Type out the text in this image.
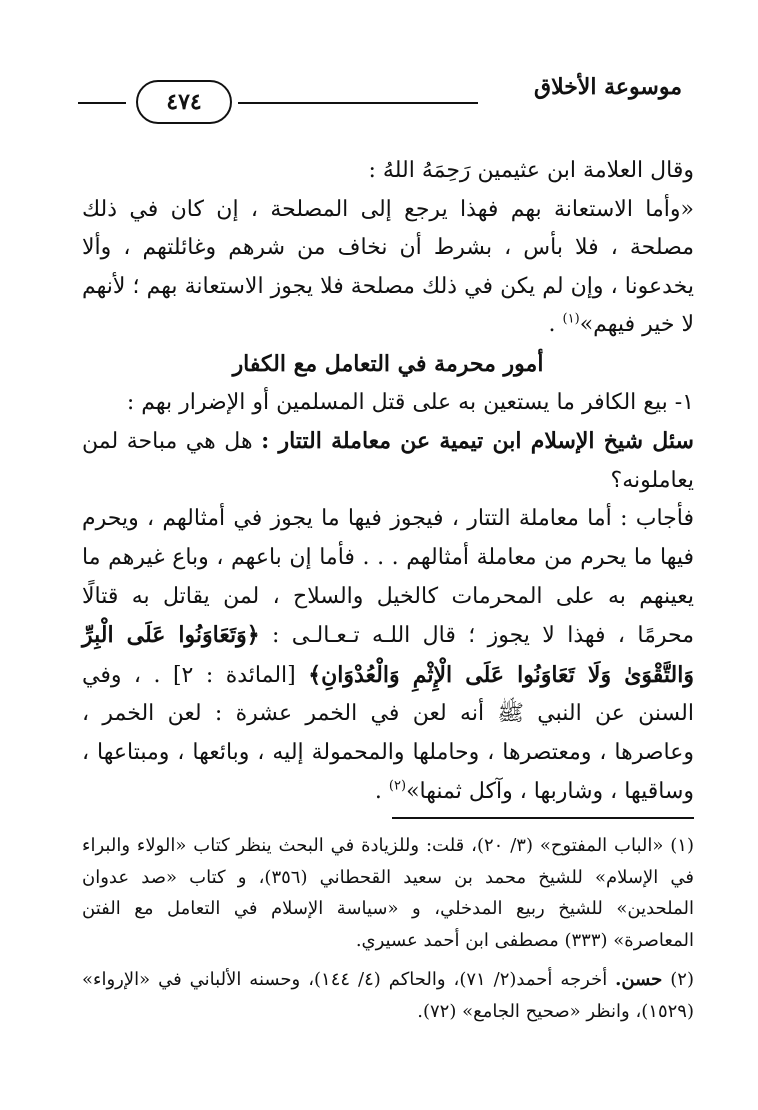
٤٧٤
موسوعة الأخلاق

وقال العلامة ابن عثيمين رَحِمَهُ اللهُ :

«وأما الاستعانة بهم فهذا يرجع إلى المصلحة ، إن كان في ذلك مصلحة ، فلا بأس ، بشرط أن نخاف من شرهم وغائلتهم ، وألا يخدعونا ، وإن لم يكن في ذلك مصلحة فلا يجوز الاستعانة بهم ؛ لأنهم لا خير فيهم»$^{(١)}$ .

أمور محرمة في التعامل مع الكفار

١- بيع الكافر ما يستعين به على قتل المسلمين أو الإضرار بهم :

سئل شيخ الإسلام ابن تيمية عن معاملة التتار : هل هي مباحة لمن يعاملونه؟

فأجاب : أما معاملة التتار ، فيجوز فيها ما يجوز في أمثالهم ، ويحرم فيها ما يحرم من معاملة أمثالهم . . . فأما إن باعهم ، وباع غيرهم ما يعينهم به على المحرمات كالخيل والسلاح ، لمن يقاتل به قتالًا محرمًا ، فهذا لا يجوز ؛ قال اللـه تـعـالـى : ﴿وَتَعَاوَنُوا عَلَى الْبِرِّ وَالتَّقْوَىٰ وَلَا تَعَاوَنُوا عَلَى الْإِثْمِ وَالْعُدْوَانِ﴾ [المائدة : ٢] . ، وفي السنن عن النبي ﷺ أنه لعن في الخمر عشرة : لعن الخمر ، وعاصرها ، ومعتصرها ، وحاملها والمحمولة إليه ، وبائعها ، ومبتاعها ، وساقيها ، وشاربها ، وآكل ثمنها»$^{(٢)}$ .

(١) «الباب المفتوح» (٣/ ٢٠)، قلت: وللزيادة في البحث ينظر كتاب «الولاء والبراء في الإسلام» للشيخ محمد بن سعيد القحطاني (٣٥٦)، و كتاب «صد عدوان الملحدين» للشيخ ربيع المدخلي، و «سياسة الإسلام في التعامل مع الفتن المعاصرة» (٣٣٣) مصطفى ابن أحمد عسيري.

(٢) حسن. أخرجه أحمد(٢/ ٧١)، والحاكم (٤/ ١٤٤)، وحسنه الألباني في «الإرواء» (١٥٢٩)، وانظر «صحيح الجامع» (٧٢).
